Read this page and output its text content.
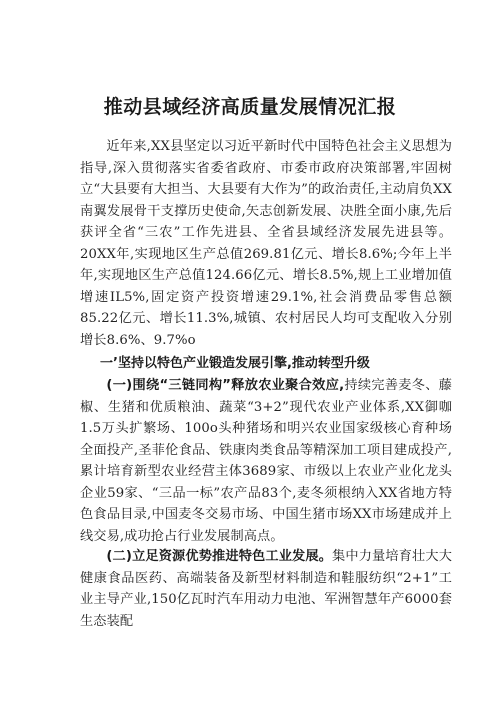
推动县域经济高质量发展情况汇报
近年来,XX县坚定以习近平新时代中国特色社会主义思想为指导,深入贯彻落实省委省政府、市委市政府决策部署,牢固树立“大县要有大担当、大县要有大作为”的政治责任,主动肩负XX南翼发展骨干支撑历史使命,矢志创新发展、决胜全面小康,先后获评全省“三农”工作先进县、全省县域经济发展先进县等。20XX年,实现地区生产总值269.81亿元、增长8.6%;今年上半年,实现地区生产总值124.66亿元、增长8.5%,规上工业增加值增速IL5%,固定资产投资增速29.1%,社会消费品零售总额85.22亿元、增长11.3%,城镇、农村居民人均可支配收入分别增长8.6%、9.7%o
一’坚持以特色产业锻造发展引擎,推动转型升级
(一)围绕“三链同构”释放农业聚合效应,持续完善麦冬、藤椒、生猪和优质粮油、蔬菜“3+2”现代农业产业体系,XX御咖1.5万头扩繁场、100o头种猪场和明兴农业国家级核心育种场全面投产,圣菲伦食品、铁康肉类食品等精深加工项目建成投产,累计培育新型农业经营主体3689家、市级以上农业产业化龙头企业59家、“三品一标”农产品83个,麦冬须根纳入XX省地方特色食品目录,中国麦冬交易市场、中国生猪市场XX市场建成并上线交易,成功抢占行业发展制高点。
(二)立足资源优势推进特色工业发展。集中力量培育壮大大健康食品医药、高端装备及新型材料制造和鞋服纺织“2+1”工业主导产业,150亿瓦时汽车用动力电池、军洲智慧年产6000套生态装配
